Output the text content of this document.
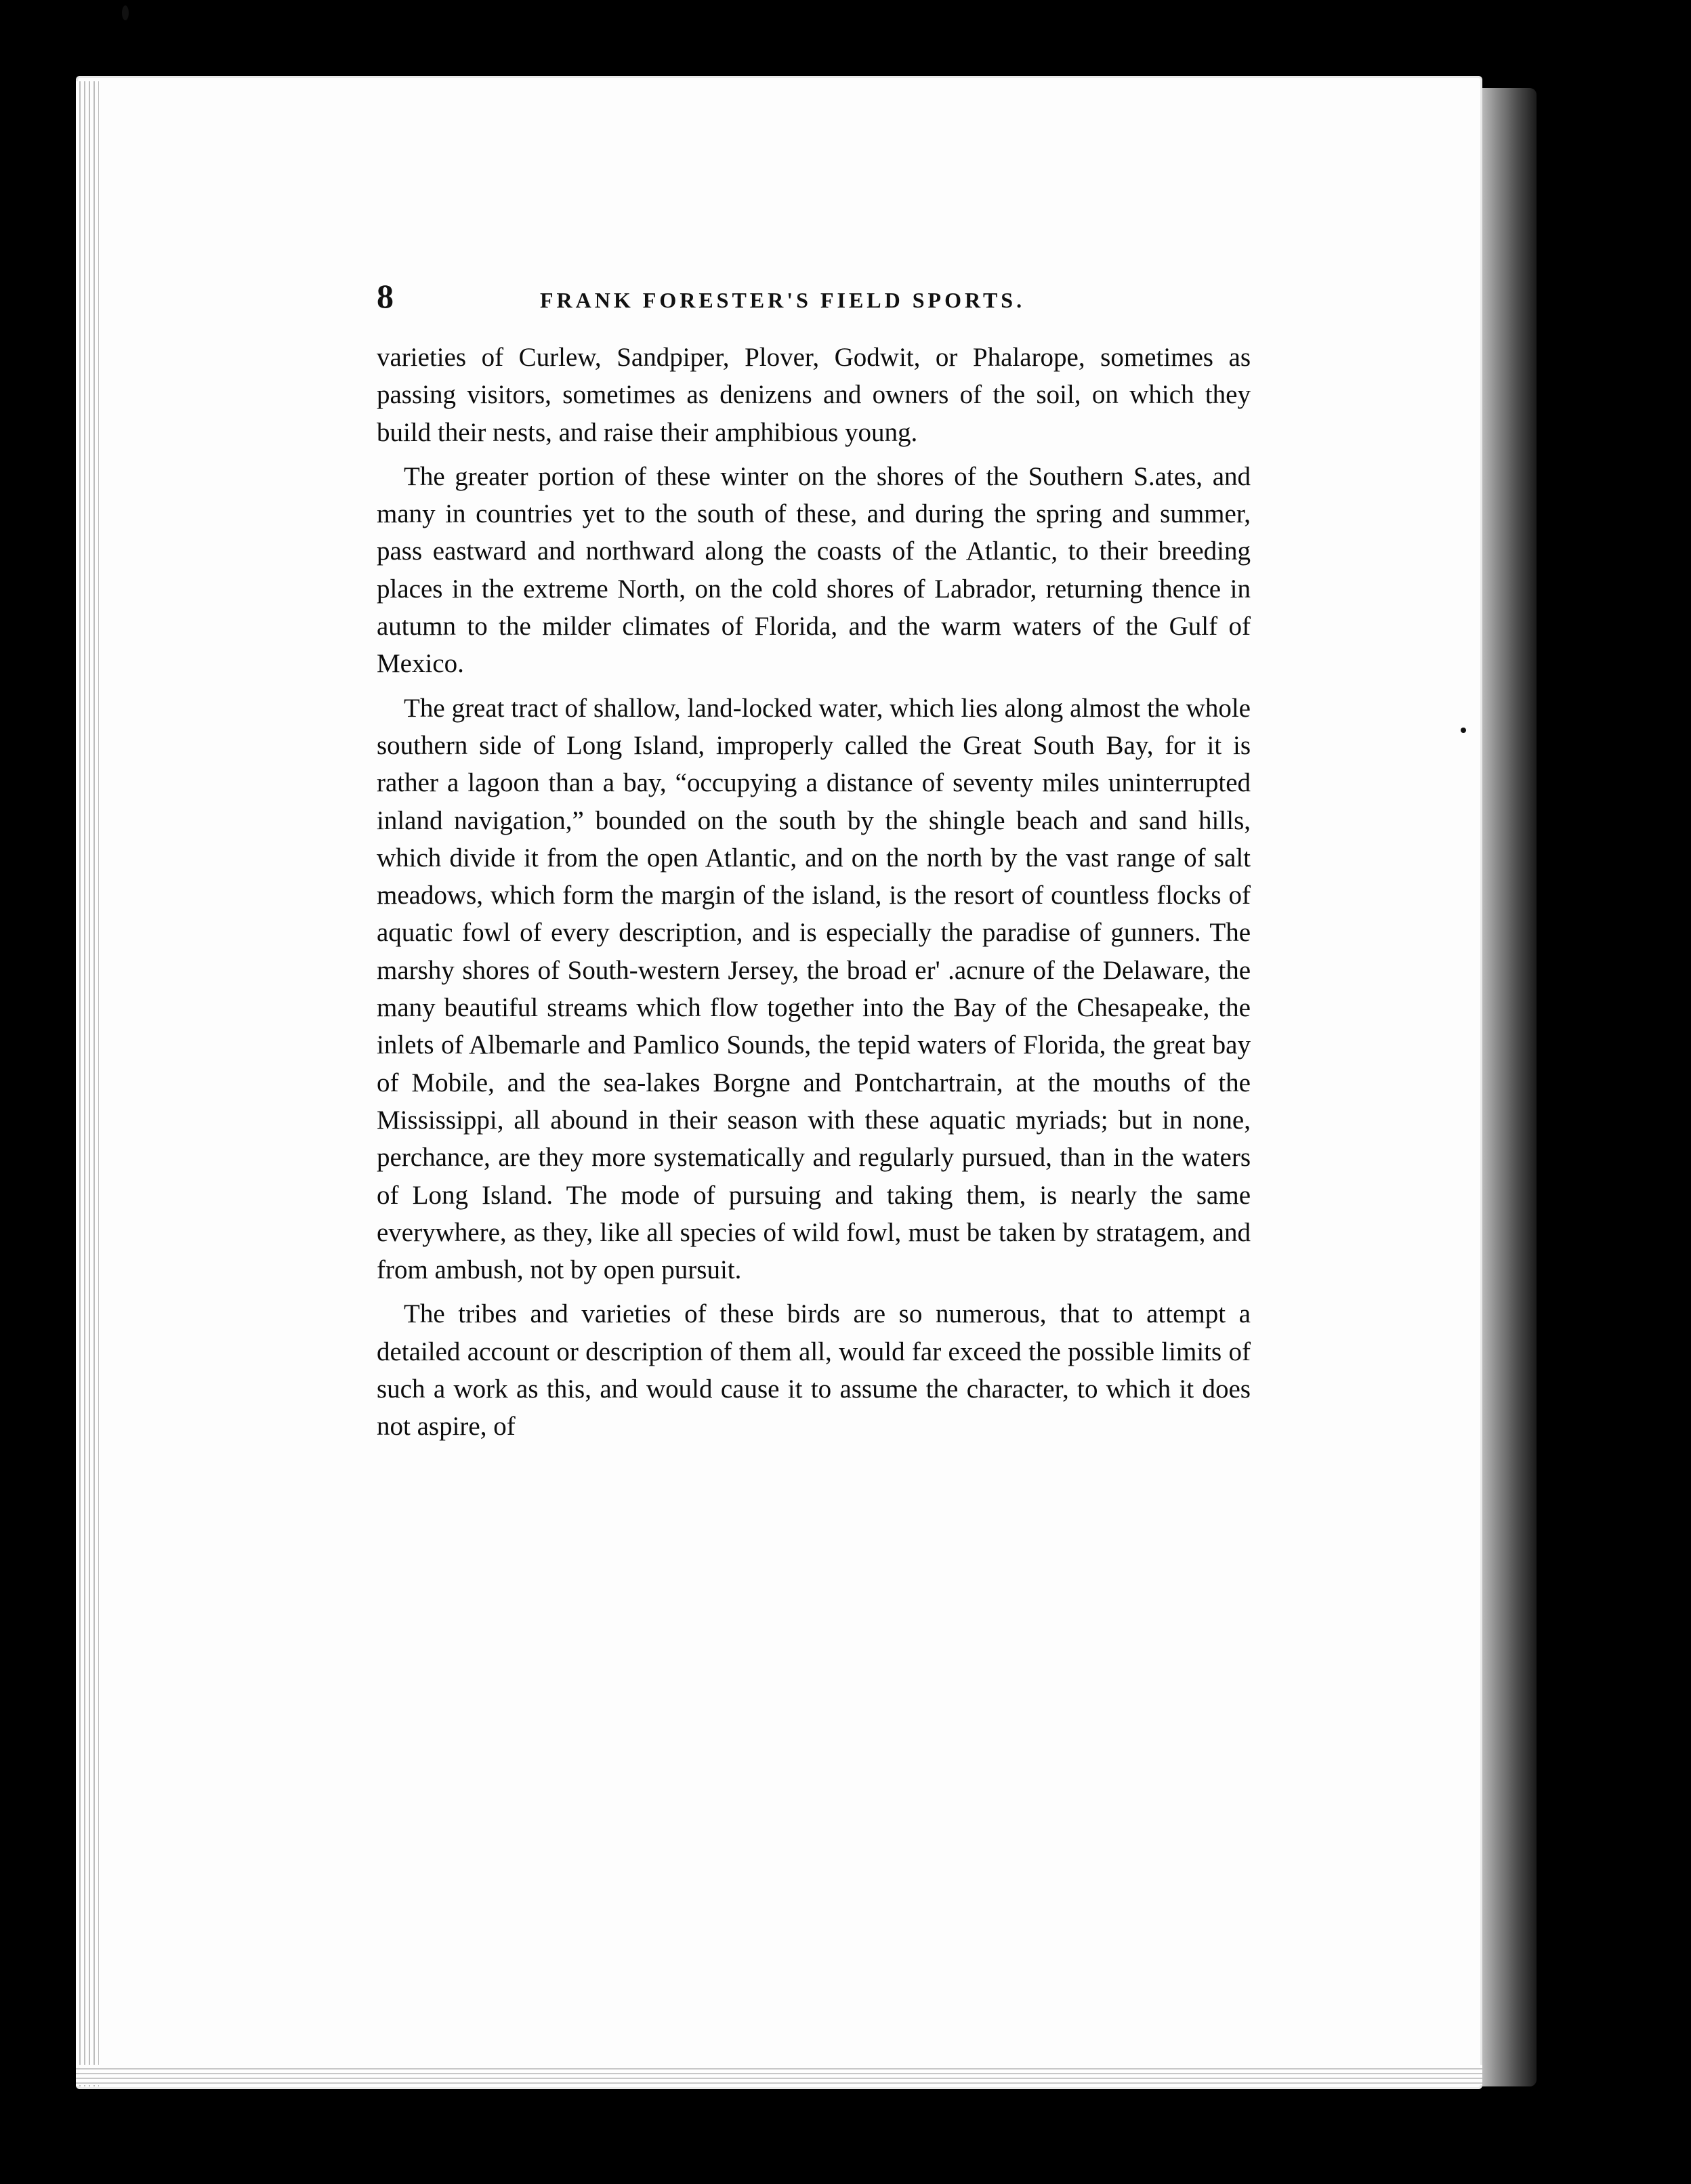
8	FRANK FORESTER'S FIELD SPORTS.

varieties of Curlew, Sandpiper, Plover, Godwit, or Phalarope, sometimes as passing visitors, sometimes as denizens and owners of the soil, on which they build their nests, and raise their amphibious young.

The greater portion of these winter on the shores of the Southern S.ates, and many in countries yet to the south of these, and during the spring and summer, pass eastward and northward along the coasts of the Atlantic, to their breeding places in the extreme North, on the cold shores of Labrador, returning thence in autumn to the milder climates of Florida, and the warm waters of the Gulf of Mexico.

The great tract of shallow, land-locked water, which lies along almost the whole southern side of Long Island, improperly called the Great South Bay, for it is rather a lagoon than a bay, “occupying a distance of seventy miles uninterrupted inland navigation,” bounded on the south by the shingle beach and sand hills, which divide it from the open Atlantic, and on the north by the vast range of salt meadows, which form the margin of the island, is the resort of countless flocks of aquatic fowl of every description, and is especially the paradise of gunners. The marshy shores of South-western Jersey, the broad er' .acnure of the Delaware, the many beautiful streams which flow together into the Bay of the Chesapeake, the inlets of Albemarle and Pamlico Sounds, the tepid waters of Florida, the great bay of Mobile, and the sea-lakes Borgne and Pontchartrain, at the mouths of the Mississippi, all abound in their season with these aquatic myriads; but in none, perchance, are they more systematically and regularly pursued, than in the waters of Long Island. The mode of pursuing and taking them, is nearly the same everywhere, as they, like all species of wild fowl, must be taken by stratagem, and from ambush, not by open pursuit.

The tribes and varieties of these birds are so numerous, that to attempt a detailed account or description of them all, would far exceed the possible limits of such a work as this, and would cause it to assume the character, to which it does not aspire, of
